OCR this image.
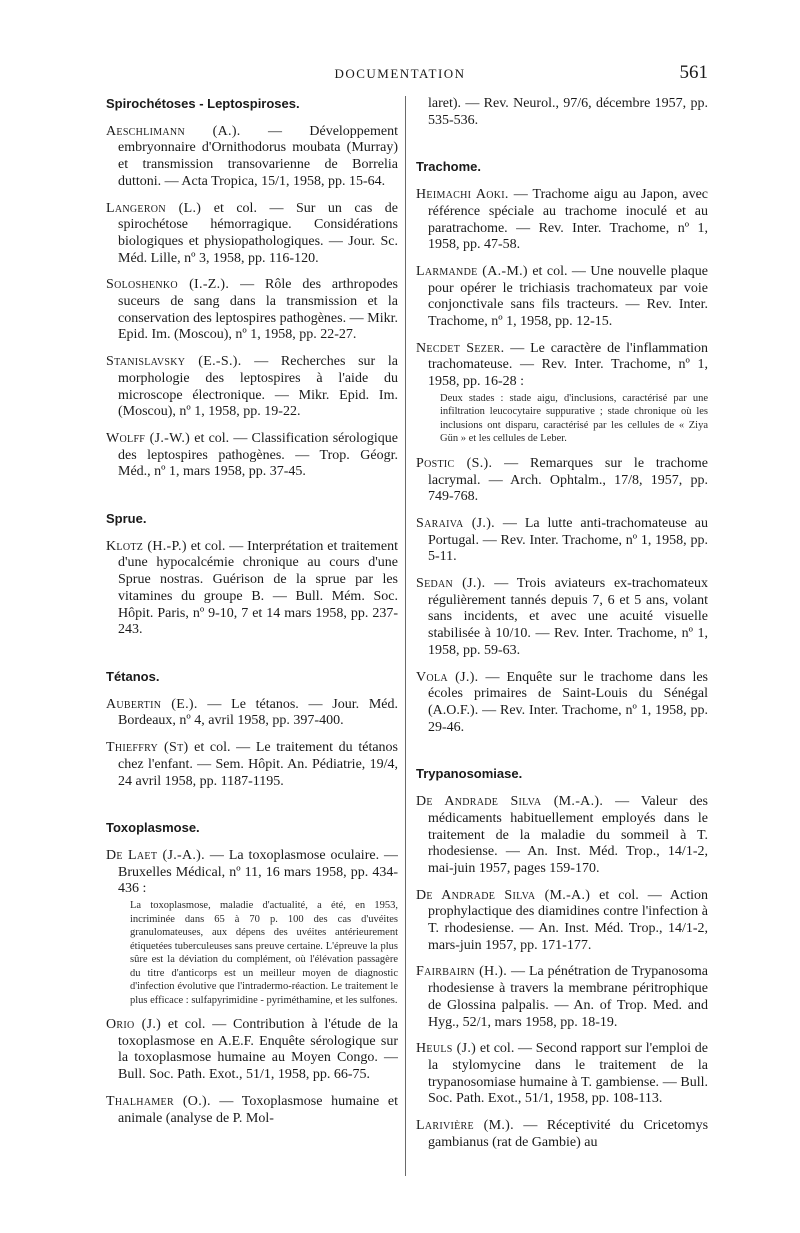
DOCUMENTATION	561
Spirochétoses - Leptospiroses.
Aeschlimann (A.). — Développement embryonnaire d'Ornithodorus moubata (Murray) et transmission transovarienne de Borrelia duttoni. — Acta Tropica, 15/1, 1958, pp. 15-64.
Langeron (L.) et col. — Sur un cas de spirochétose hémorragique. Considérations biologiques et physiopathologiques. — Jour. Sc. Méd. Lille, nº 3, 1958, pp. 116-120.
Soloshenko (I.-Z.). — Rôle des arthropodes suceurs de sang dans la transmission et la conservation des leptospires pathogènes. — Mikr. Epid. Im. (Moscou), nº 1, 1958, pp. 22-27.
Stanislavsky (E.-S.). — Recherches sur la morphologie des leptospires à l'aide du microscope électronique. — Mikr. Epid. Im. (Moscou), nº 1, 1958, pp. 19-22.
Wolff (J.-W.) et col. — Classification sérologique des leptospires pathogènes. — Trop. Géogr. Méd., nº 1, mars 1958, pp. 37-45.
Sprue.
Klotz (H.-P.) et col. — Interprétation et traitement d'une hypocalcémie chronique au cours d'une Sprue nostras. Guérison de la sprue par les vitamines du groupe B. — Bull. Mém. Soc. Hôpit. Paris, nº 9-10, 7 et 14 mars 1958, pp. 237-243.
Tétanos.
Aubertin (E.). — Le tétanos. — Jour. Méd. Bordeaux, nº 4, avril 1958, pp. 397-400.
Thieffry (St) et col. — Le traitement du tétanos chez l'enfant. — Sem. Hôpit. An. Pédiatrie, 19/4, 24 avril 1958, pp. 1187-1195.
Toxoplasmose.
De Laet (J.-A.). — La toxoplasmose oculaire. — Bruxelles Médical, nº 11, 16 mars 1958, pp. 434-436 :
La toxoplasmose, maladie d'actualité, a été, en 1953, incriminée dans 65 à 70 p. 100 des cas d'uvéites granulomateuses, aux dépens des uvéites antérieurement étiquetées tuberculeuses sans preuve certaine. L'épreuve la plus sûre est la déviation du complément, où l'élévation passagère du titre d'anticorps est un meilleur moyen de diagnostic d'infection évolutive que l'intradermo-réaction. Le traitement le plus efficace : sulfapyrimidine - pyriméthamine, et les sulfones.
Orio (J.) et col. — Contribution à l'étude de la toxoplasmose en A.E.F. Enquête sérologique sur la toxoplasmose humaine au Moyen Congo. — Bull. Soc. Path. Exot., 51/1, 1958, pp. 66-75.
Thalhamer (O.). — Toxoplasmose humaine et animale (analyse de P. Mol-
laret). — Rev. Neurol., 97/6, décembre 1957, pp. 535-536.
Trachome.
Heimachi Aoki. — Trachome aigu au Japon, avec référence spéciale au trachome inoculé et au paratrachome. — Rev. Inter. Trachome, nº 1, 1958, pp. 47-58.
Larmande (A.-M.) et col. — Une nouvelle plaque pour opérer le trichiasis trachomateux par voie conjonctivale sans fils tracteurs. — Rev. Inter. Trachome, nº 1, 1958, pp. 12-15.
Necdet Sezer. — Le caractère de l'inflammation trachomateuse. — Rev. Inter. Trachome, nº 1, 1958, pp. 16-28 :
Deux stades : stade aigu, d'inclusions, caractérisé par une infiltration leucocytaire suppurative ; stade chronique où les inclusions ont disparu, caractérisé par les cellules de « Ziya Gün » et les cellules de Leber.
Postic (S.). — Remarques sur le trachome lacrymal. — Arch. Ophtalm., 17/8, 1957, pp. 749-768.
Saraiva (J.). — La lutte anti-trachomateuse au Portugal. — Rev. Inter. Trachome, nº 1, 1958, pp. 5-11.
Sedan (J.). — Trois aviateurs ex-trachomateux régulièrement tannés depuis 7, 6 et 5 ans, volant sans incidents, et avec une acuité visuelle stabilisée à 10/10. — Rev. Inter. Trachome, nº 1, 1958, pp. 59-63.
Vola (J.). — Enquête sur le trachome dans les écoles primaires de Saint-Louis du Sénégal (A.O.F.). — Rev. Inter. Trachome, nº 1, 1958, pp. 29-46.
Trypanosomiase.
De Andrade Silva (M.-A.). — Valeur des médicaments habituellement employés dans le traitement de la maladie du sommeil à T. rhodesiense. — An. Inst. Méd. Trop., 14/1-2, mai-juin 1957, pages 159-170.
De Andrade Silva (M.-A.) et col. — Action prophylactique des diamidines contre l'infection à T. rhodesiense. — An. Inst. Méd. Trop., 14/1-2, mars-juin 1957, pp. 171-177.
Fairbairn (H.). — La pénétration de Trypanosoma rhodesiense à travers la membrane péritrophique de Glossina palpalis. — An. of Trop. Med. and Hyg., 52/1, mars 1958, pp. 18-19.
Heuls (J.) et col. — Second rapport sur l'emploi de la stylomycine dans le traitement de la trypanosomiase humaine à T. gambiense. — Bull. Soc. Path. Exot., 51/1, 1958, pp. 108-113.
Larivière (M.). — Réceptivité du Cricetomys gambianus (rat de Gambie) au
